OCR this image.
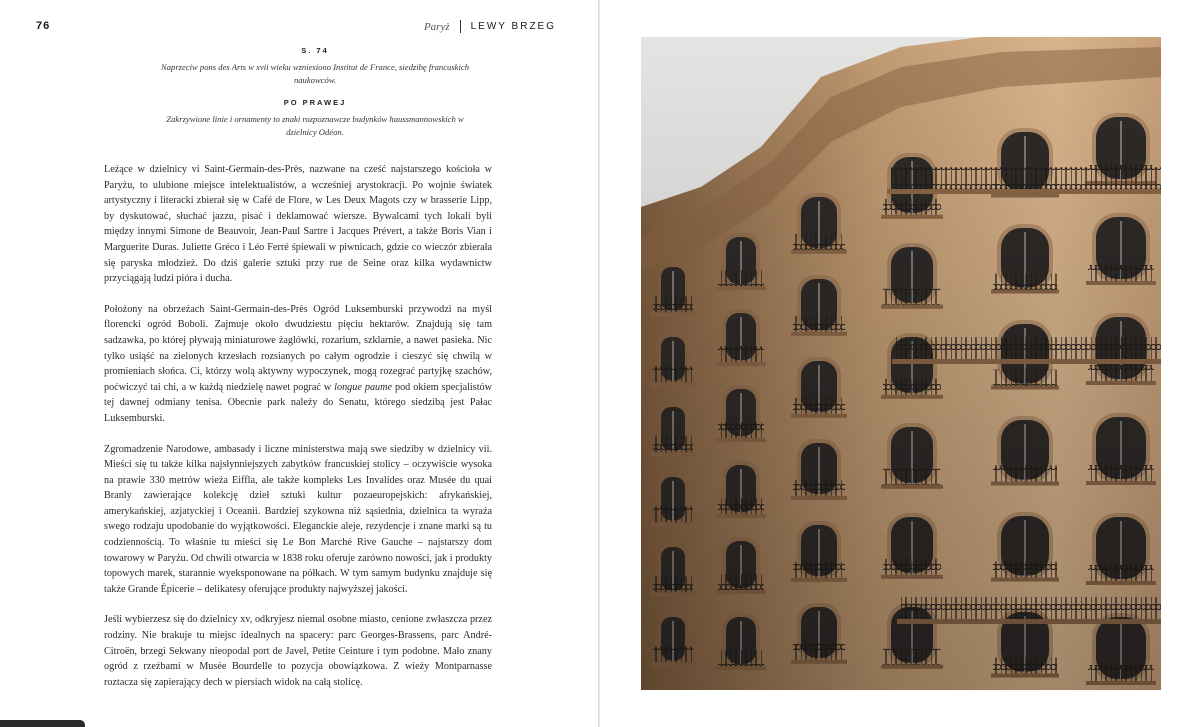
76	Paryż LEWY BRZEG
S. 74
Naprzeciw pons des Arts w xvii wieku wzniesiono Institut de France, siedzibę francuskich naukowców.
PO PRAWEJ
Zakrzywione linie i ornamenty to znaki rozpoznawcze budynków haussmannowskich w dzielnicy Odéon.

Leżące w dzielnicy vi Saint-Germain-des-Près, nazwane na cześć najstarszego kościoła w Paryżu, to ulubione miejsce intelektualistów, a wcześniej arystokracji. Po wojnie światek artystyczny i literacki zbierał się w Café de Flore, w Les Deux Magots czy w brasserie Lipp, by dyskutować, słuchać jazzu, pisać i deklamować wiersze. Bywalcami tych lokali byli między innymi Simone de Beauvoir, Jean-Paul Sartre i Jacques Prévert, a także Boris Vian i Marguerite Duras. Juliette Gréco i Léo Ferré śpiewali w piwnicach, gdzie co wieczór zbierała się paryska młodzież. Do dziś galerie sztuki przy rue de Seine oraz kilka wydawnictw przyciągają ludzi pióra i ducha.

Położony na obrzeżach Saint-Germain-des-Près Ogród Luksemburski przywodzi na myśl florencki ogród Boboli. Zajmuje około dwudziestu pięciu hektarów. Znajdują się tam sadzawka, po której pływają miniaturowe żaglówki, rozarium, szklarnie, a nawet pasieka. Nic tylko usiąść na zielonych krzesłach rozsianych po całym ogrodzie i cieszyć się chwilą w promieniach słońca. Ci, którzy wolą aktywny wypoczynek, mogą rozegrać partyjkę szachów, poćwiczyć tai chi, a w każdą niedzielę nawet pograć w longue paume pod okiem specjalistów tej dawnej odmiany tenisa. Obecnie park należy do Senatu, którego siedzibą jest Pałac Luksemburski.

Zgromadzenie Narodowe, ambasady i liczne ministerstwa mają swe siedziby w dzielnicy vii. Mieści się tu także kilka najsłynniejszych zabytków francuskiej stolicy – oczywiście wysoka na prawie 330 metrów wieża Eiffla, ale także kompleks Les Invalides oraz Musée du quai Branly zawierające kolekcję dzieł sztuki kultur pozaeuropejskich: afrykańskiej, amerykańskiej, azjatyckiej i Oceanii. Bardziej szykowna niż sąsiednia, dzielnica ta wyraża swego rodzaju upodobanie do wyjątkowości. Eleganckie aleje, rezydencje i znane marki są tu codziennością. To właśnie tu mieści się Le Bon Marché Rive Gauche – najstarszy dom towarowy w Paryżu. Od chwili otwarcia w 1838 roku oferuje zarówno nowości, jak i produkty topowych marek, starannie wyeksponowane na półkach. W tym samym budynku znajduje się także Grande Épicerie – delikatesy oferujące produkty najwyższej jakości.

Jeśli wybierzesz się do dzielnicy xv, odkryjesz niemal osobne miasto, cenione zwłaszcza przez rodziny. Nie brakuje tu miejsc idealnych na spacery: parc Georges-Brassens, parc André-Citroën, brzegi Sekwany nieopodal port de Javel, Petite Ceinture i tym podobne. Mało znany ogród z rzeźbami w Musée Bourdelle to pozycja obowiązkowa. Z wieży Montparnasse roztacza się zapierający dech w piersiach widok na całą stolicę.
